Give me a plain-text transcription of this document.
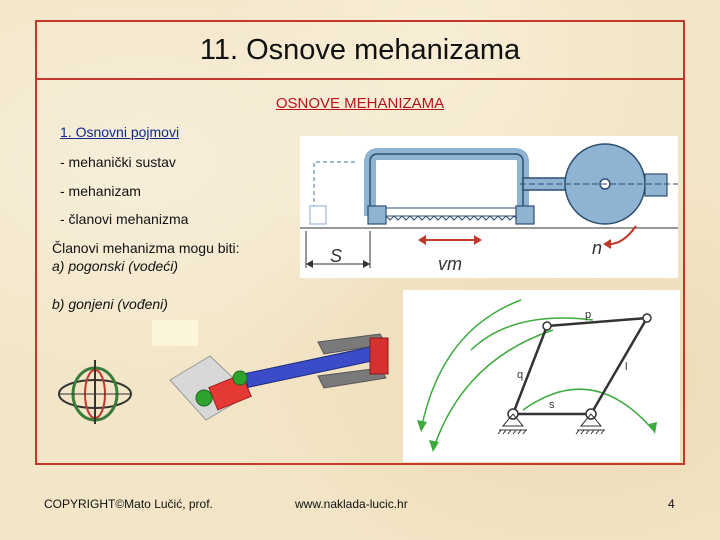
11. Osnove mehanizama
OSNOVE MEHANIZAMA
1. Osnovni pojmovi
- mehanički sustav
- mehanizam
- članovi mehanizma
Članovi mehanizma mogu biti:
a) pogonski (vodeći)
b) gonjeni (vođeni)
S	vm
n
p
q
l
s
COPYRIGHT©Mato Lučić, prof.	www.naklada-lucic.hr	4
